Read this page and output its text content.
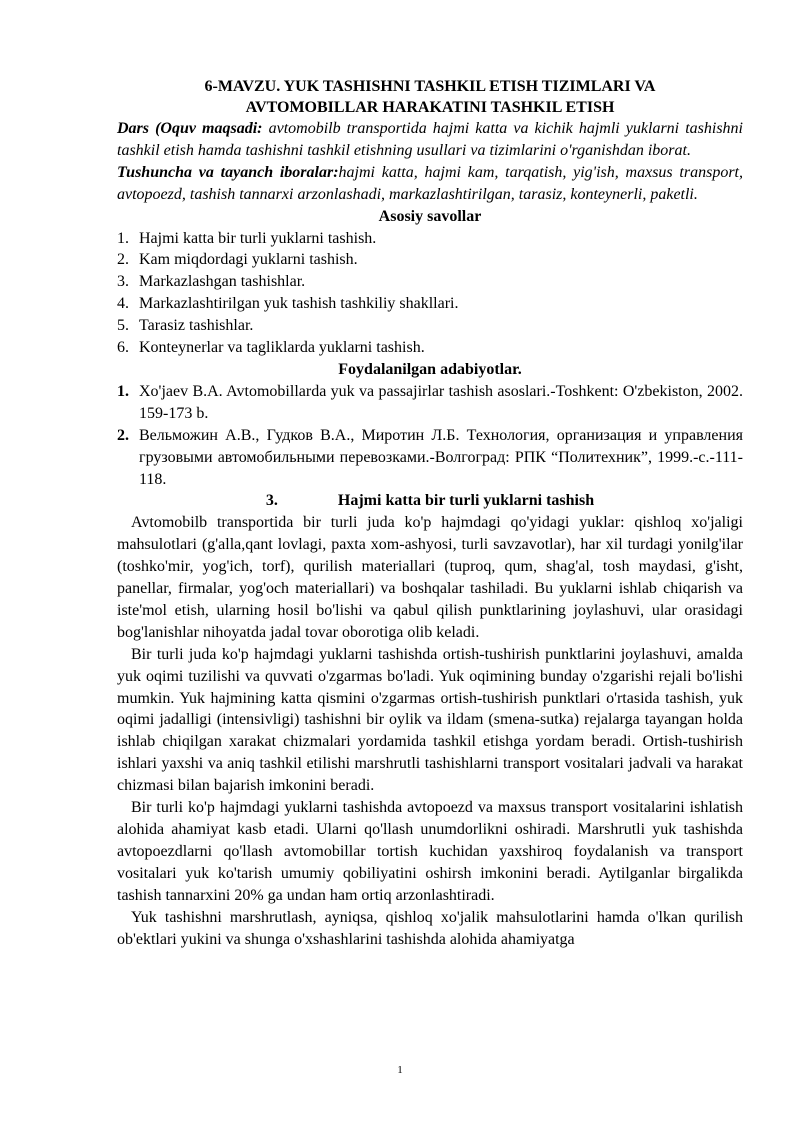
6-MAVZU. YUK TASHISHNI TASHKIL ETISH TIZIMLARI VA
AVTOMOBILLAR HARAKATINI TASHKIL ETISH

Dars (Oquv maqsadi: avtomobilb transportida hajmi katta va kichik hajmli yuklarni tashishni tashkil etish hamda tashishni tashkil etishning usullari va tizimlarini o'rganishdan iborat.

Tushuncha va tayanch iboralar:hajmi katta, hajmi kam, tarqatish, yig'ish, maxsus transport, avtopoezd, tashish tannarxi arzonlashadi, markazlashtirilgan, tarasiz, konteynerli, paketli.

Asosiy savollar

1. Hajmi katta bir turli yuklarni tashish.
2. Kam miqdordagi yuklarni tashish.
3. Markazlashgan tashishlar.
4. Markazlashtirilgan yuk tashish tashkiliy shakllari.
5. Tarasiz tashishlar.
6. Konteynerlar va tagliklarda yuklarni tashish.

Foydalanilgan adabiyotlar.

1. Xo'jaev B.A. Avtomobillarda yuk va passajirlar tashish asoslari.-Toshkent: O'zbekiston, 2002. 159-173 b.
2. Вельможин А.В., Гудков В.А., Миротин Л.Б. Технология, организация и управления грузовыми автомобильными перевозками.-Волгоград: РПК “Политехник”, 1999.-с.-111-118.

3.	Hajmi katta bir turli yuklarni tashish

Avtomobilb transportida bir turli juda ko'p hajmdagi qo'yidagi yuklar: qishloq xo'jaligi mahsulotlari (g'alla,qant lovlagi, paxta xom-ashyosi, turli savzavotlar), har xil turdagi yonilg'ilar (toshko'mir, yog'ich, torf), qurilish materiallari (tuproq, qum, shag'al, tosh maydasi, g'isht, panellar, firmalar, yog'och materiallari) va boshqalar tashiladi. Bu yuklarni ishlab chiqarish va iste'mol etish, ularning hosil bo'lishi va qabul qilish punktlarining joylashuvi, ular orasidagi bog'lanishlar nihoyatda jadal tovar oborotiga olib keladi.

Bir turli juda ko'p hajmdagi yuklarni tashishda ortish-tushirish punktlarini joylashuvi, amalda yuk oqimi tuzilishi va quvvati o'zgarmas bo'ladi. Yuk oqimining bunday o'zgarishi rejali bo'lishi mumkin. Yuk hajmining katta qismini o'zgarmas ortish-tushirish punktlari o'rtasida tashish, yuk oqimi jadalligi (intensivligi) tashishni bir oylik va ildam (smena-sutka) rejalarga tayangan holda ishlab chiqilgan xarakat chizmalari yordamida tashkil etishga yordam beradi. Ortish-tushirish ishlari yaxshi va aniq tashkil etilishi marshrutli tashishlarni transport vositalari jadvali va harakat chizmasi bilan bajarish imkonini beradi.

Bir turli ko'p hajmdagi yuklarni tashishda avtopoezd va maxsus transport vositalarini ishlatish alohida ahamiyat kasb etadi. Ularni qo'llash unumdorlikni oshiradi. Marshrutli yuk tashishda avtopoezdlarni qo'llash avtomobillar tortish kuchidan yaxshiroq foydalanish va transport vositalari yuk ko'tarish umumiy qobiliyatini oshirsh imkonini beradi. Aytilganlar birgalikda tashish tannarxini 20% ga undan ham ortiq arzonlashtiradi.

Yuk tashishni marshrutlash, ayniqsa, qishloq xo'jalik mahsulotlarini hamda o'lkan qurilish ob'ektlari yukini va shunga o'xshashlarini tashishda alohida ahamiyatga

1
